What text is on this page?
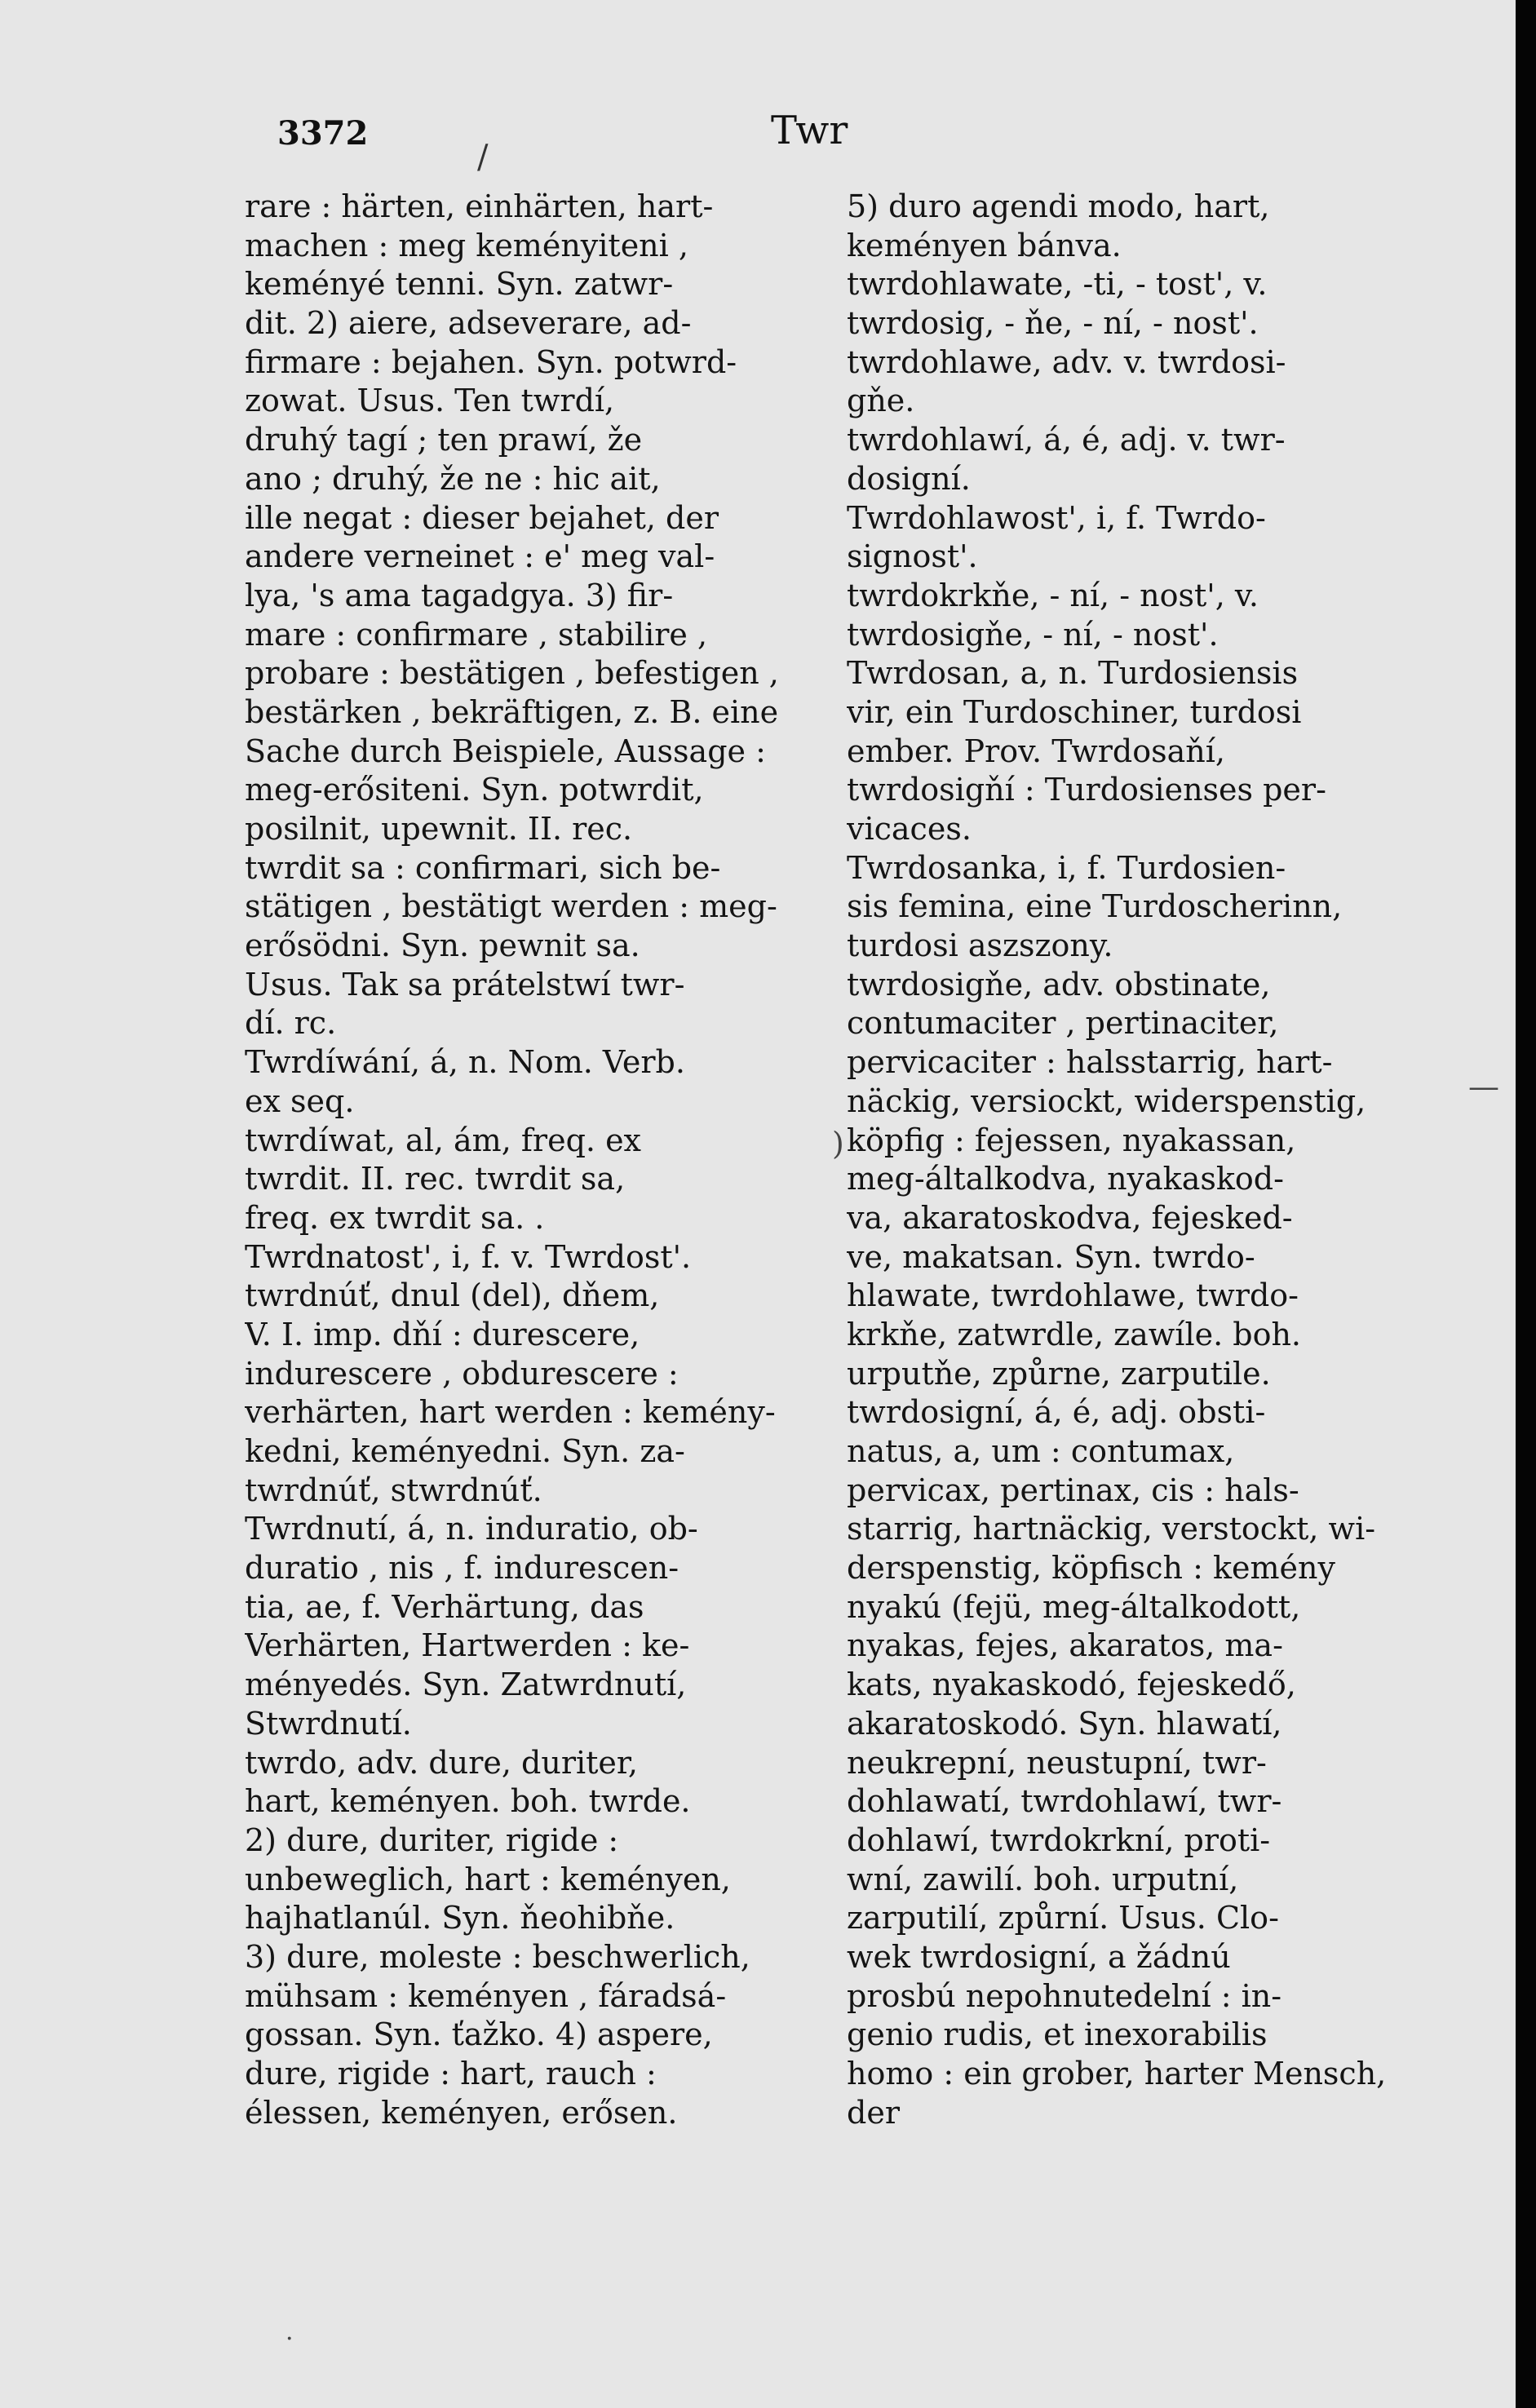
3372
/
Twr
rare : härten, einhärten, hart-
machen : meg keményiteni ,
keményé tenni. Syn. zatwr-
dit. 2) aiere, adseverare, ad-
firmare : bejahen. Syn. potwrd-
zowat. Usus. Ten twrdí,
druhý tagí ; ten prawí, že
ano ; druhý, že ne : hic ait,
ille negat : dieser bejahet, der
andere verneinet : e' meg val-
lya, 's ama tagadgya. 3) fir-
mare : confirmare , stabilire ,
probare : bestätigen , befestigen ,
bestärken , bekräftigen, z. B. eine
Sache durch Beispiele, Aussage :
meg-erősiteni. Syn. potwrdit,
posilnit, upewnit. II. rec.
twrdit sa : confirmari, sich be-
stätigen , bestätigt werden : meg-
erősödni. Syn. pewnit sa.
Usus. Tak sa prátelstwí twr-
dí. rc.
Twrdíwání, á, n. Nom. Verb.
ex seq.
twrdíwat, al, ám, freq. ex
twrdit. II. rec. twrdit sa,
freq. ex twrdit sa. .
Twrdnatost', i, f. v. Twrdost'.
twrdnúť, dnul (del), dňem,
V. I. imp. dňí : durescere,
indurescere , obdurescere :
verhärten, hart werden : kemény-
kedni, keményedni. Syn. za-
twrdnúť, stwrdnúť.
Twrdnutí, á, n. induratio, ob-
duratio , nis , f. indurescen-
tia, ae, f. Verhärtung, das
Verhärten, Hartwerden : ke-
ményedés. Syn. Zatwrdnutí,
Stwrdnutí.
twrdo, adv. dure, duriter,
hart, keményen. boh. twrde.
2) dure, duriter, rigide :
unbeweglich, hart : keményen,
hajhatlanúl. Syn. ňeohibňe.
3) dure, moleste : beschwerlich,
mühsam : keményen , fáradsá-
gossan. Syn. ťažko. 4) aspere,
dure, rigide : hart, rauch :
élessen, keményen, erősen.
5) duro agendi modo, hart,
keményen bánva.
twrdohlawate, -ti, - tost', v.
twrdosig, - ňe, - ní, - nost'.
twrdohlawe, adv. v. twrdosi-
gňe.
twrdohlawí, á, é, adj. v. twr-
dosigní.
Twrdohlawost', i, f. Twrdo-
signost'.
twrdokrkňe, - ní, - nost', v.
twrdosigňe, - ní, - nost'.
Twrdosan, a, n. Turdosiensis
vir, ein Turdoschiner, turdosi
ember. Prov. Twrdosaňí,
twrdosigňí : Turdosienses per-
vicaces.
Twrdosanka, i, f. Turdosien-
sis femina, eine Turdoscherinn,
turdosi aszszony.
twrdosigňe, adv. obstinate,
contumaciter , pertinaciter,
pervicaciter : halsstarrig, hart-
näckig, versiockt, widerspenstig,
köpfig : fejessen, nyakassan,
meg-általkodva, nyakaskod-
va, akaratoskodva, fejesked-
ve, makatsan. Syn. twrdo-
hlawate, twrdohlawe, twrdo-
krkňe, zatwrdle, zawíle. boh.
urputňe, způrne, zarputile.
twrdosigní, á, é, adj. obsti-
natus, a, um : contumax,
pervicax, pertinax, cis : hals-
starrig, hartnäckig, verstockt, wi-
derspenstig, köpfisch : kemény
nyakú (fejü, meg-általkodott,
nyakas, fejes, akaratos, ma-
kats, nyakaskodó, fejeskedő,
akaratoskodó. Syn. hlawatí,
neukrepní, neustupní, twr-
dohlawatí, twrdohlawí, twr-
dohlawí, twrdokrkní, proti-
wní, zawilí. boh. urputní,
zarputilí, způrní. Usus. Clo-
wek twrdosigní, a žádnú
prosbú nepohnutedelní : in-
genio rudis, et inexorabilis
homo : ein grober, harter Mensch,
der
)
—
·
